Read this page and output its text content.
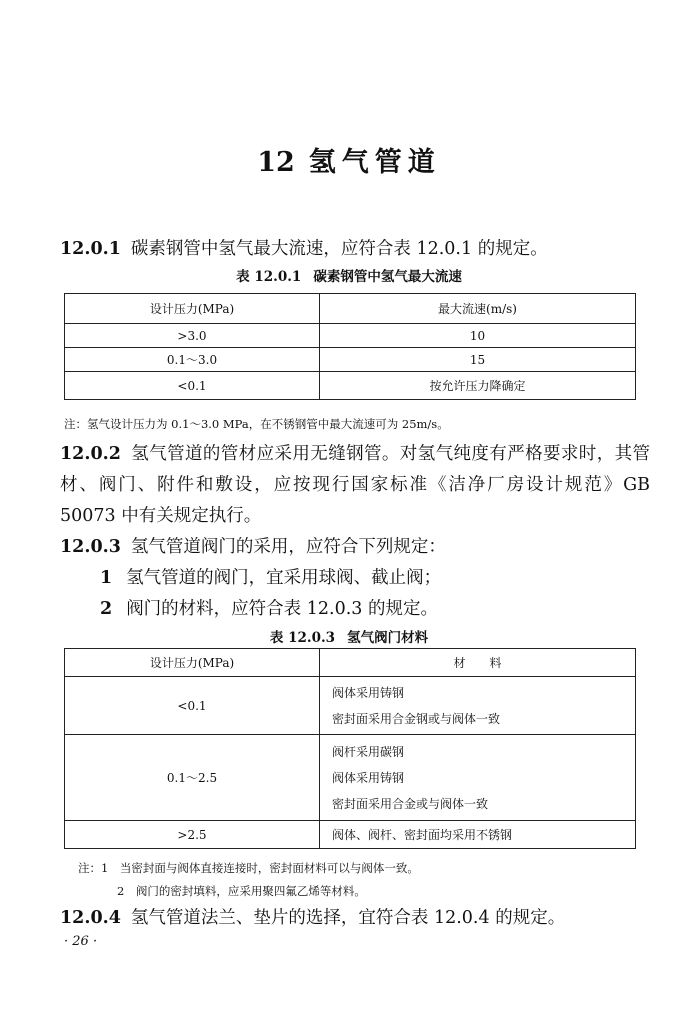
12 氢气管道
12.0.1 碳素钢管中氢气最大流速，应符合表 12.0.1 的规定。
表 12.0.1 碳素钢管中氢气最大流速
设计压力(MPa)	最大流速(m/s)
>3.0	10
0.1～3.0	15
<0.1	按允许压力降确定
注：氢气设计压力为 0.1～3.0 MPa，在不锈钢管中最大流速可为 25m/s。
12.0.2 氢气管道的管材应采用无缝钢管。对氢气纯度有严格要求时，其管材、阀门、附件和敷设，应按现行国家标准《洁净厂房设计规范》GB 50073 中有关规定执行。
12.0.3 氢气管道阀门的采用，应符合下列规定：
1 氢气管道的阀门，宜采用球阀、截止阀；
2 阀门的材料，应符合表 12.0.3 的规定。
表 12.0.3 氢气阀门材料
设计压力(MPa)	材　　料
<0.1	阀体采用铸钢
密封面采用合金钢或与阀体一致

0.1～2.5	阀杆采用碳钢
阀体采用铸钢
密封面采用合金或与阀体一致

>2.5	阀体、阀杆、密封面均采用不锈钢
注：1　当密封面与阀体直接连接时，密封面材料可以与阀体一致。
2　阀门的密封填料，应采用聚四氟乙烯等材料。
12.0.4 氢气管道法兰、垫片的选择，宜符合表 12.0.4 的规定。
· 26 ·
